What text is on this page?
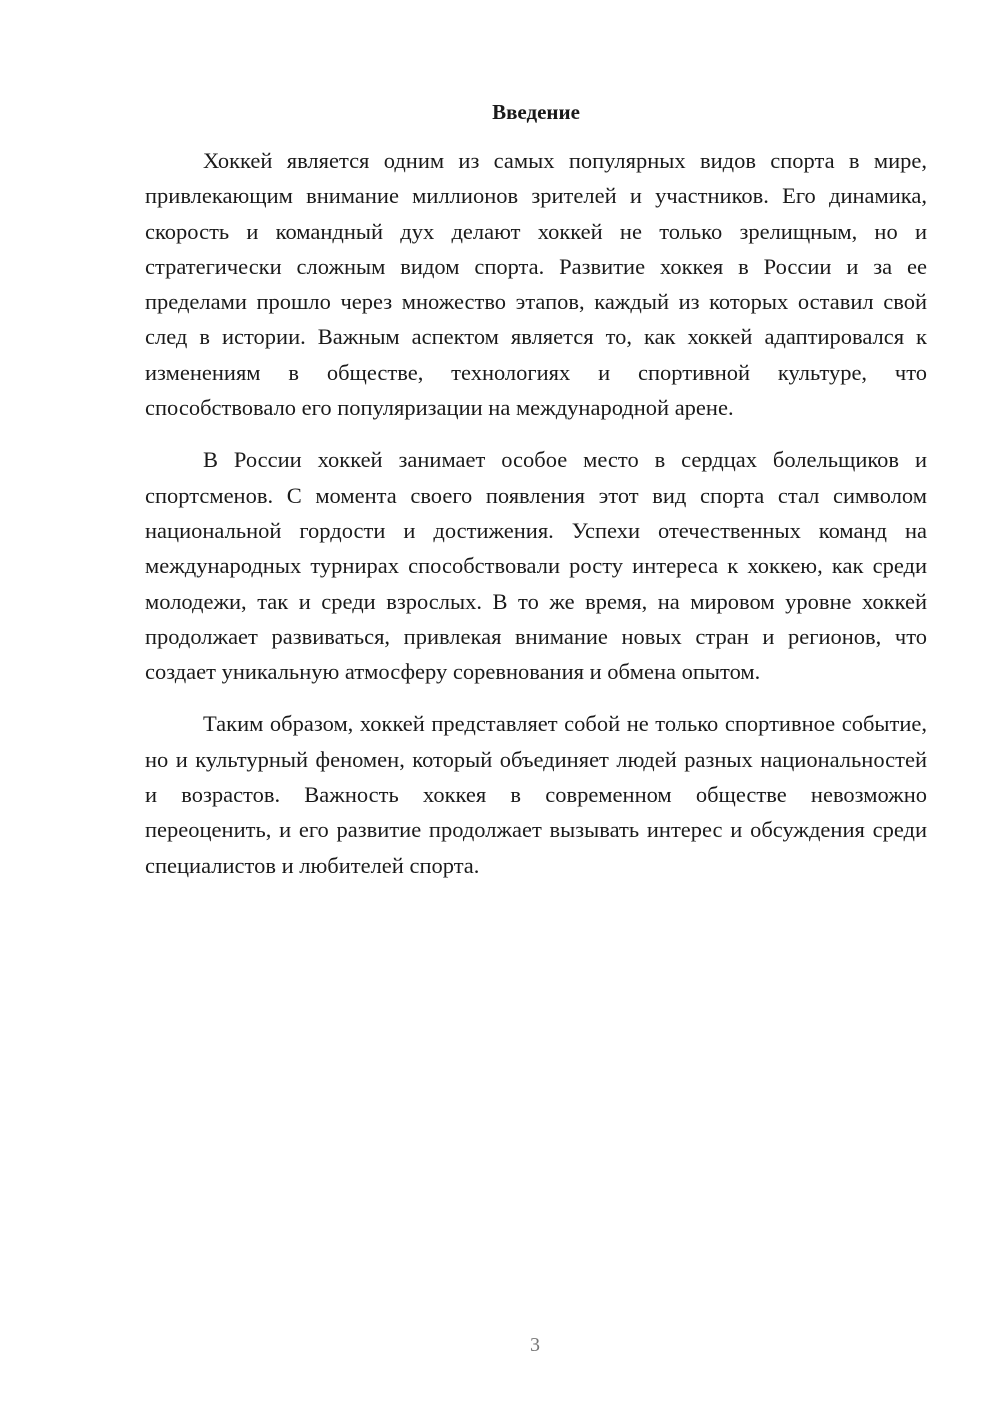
Введение

Хоккей является одним из самых популярных видов спорта в мире, привлекающим внимание миллионов зрителей и участников. Его динамика, скорость и командный дух делают хоккей не только зрелищным, но и стратегически сложным видом спорта. Развитие хоккея в России и за ее пределами прошло через множество этапов, каждый из которых оставил свой след в истории. Важным аспектом является то, как хоккей адаптировался к изменениям в обществе, технологиях и спортивной культуре, что способствовало его популяризации на международной арене.

В России хоккей занимает особое место в сердцах болельщиков и спортсменов. С момента своего появления этот вид спорта стал символом национальной гордости и достижения. Успехи отечественных команд на международных турнирах способствовали росту интереса к хоккею, как среди молодежи, так и среди взрослых. В то же время, на мировом уровне хоккей продолжает развиваться, привлекая внимание новых стран и регионов, что создает уникальную атмосферу соревнования и обмена опытом.

Таким образом, хоккей представляет собой не только спортивное событие, но и культурный феномен, который объединяет людей разных национальностей и возрастов. Важность хоккея в современном обществе невозможно переоценить, и его развитие продолжает вызывать интерес и обсуждения среди специалистов и любителей спорта.

3
